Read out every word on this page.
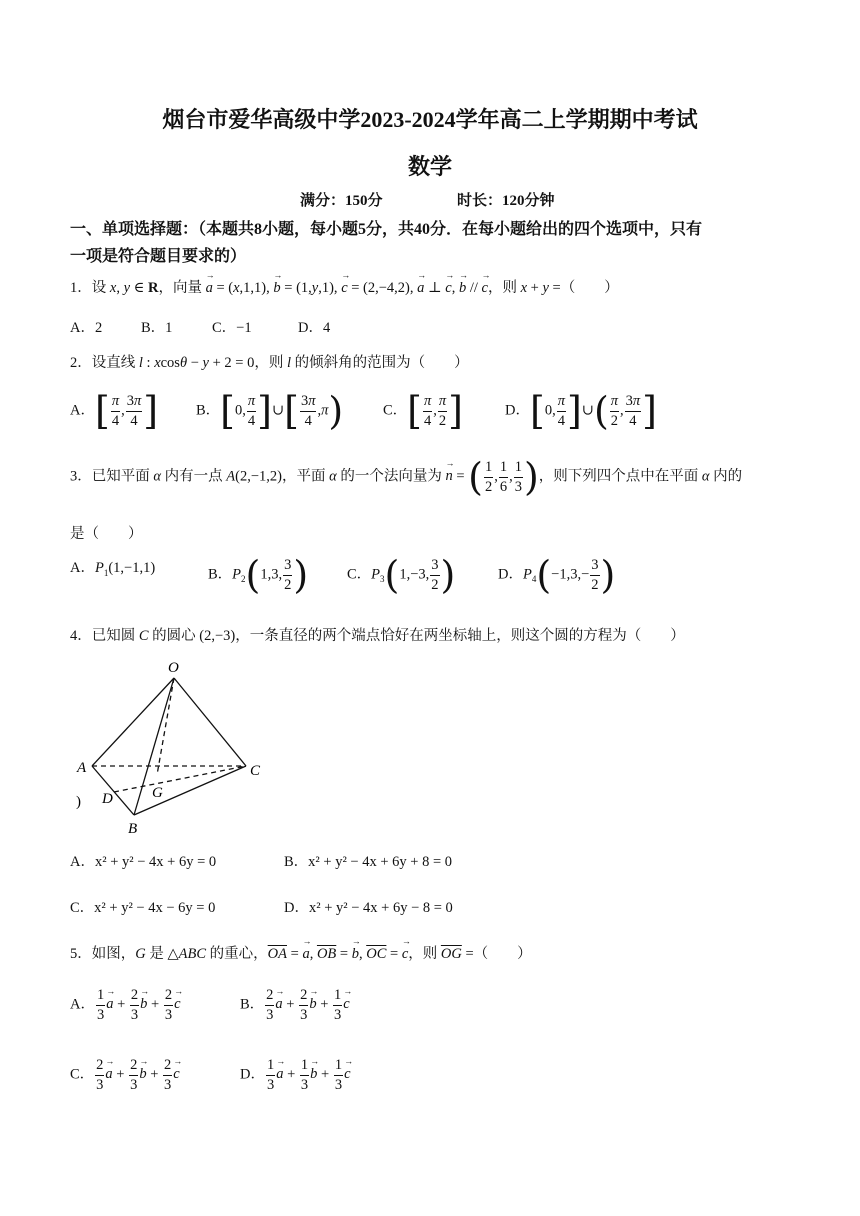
烟台市爱华高级中学2023-2024学年高二上学期期中考试
数学
满分：150分	时长：120分钟
一、单项选择题：（本题共8小题，每小题5分，共40分．在每小题给出的四个选项中，只有
一项是符合题目要求的）
1．设 x, y ∈ R，向量 → a = (x,1,1), → b = (1,y,1), → c = (2,−4,2), → a ⊥ → c, → b // → c，则 x + y =（　　）
A．2	B．1	C．−1	D．4
2．设直线 l : xcosθ − y + 2 = 0，则 l 的倾斜角的范围为（　　）
A．[ $\frac{\pi}{4}$ , $\frac{3\pi}{4}$ ]	B．[0, $\frac{\pi}{4}$ ]∪[ $\frac{3\pi}{4} ,\pi$)	C．[ $\frac{\pi}{4}$ , $\frac{\pi}{2}$ ]	D．[0, $\frac{\pi}{4}$ ]∪( $\frac{\pi}{2}$ , $\frac{3\pi}{4}$ ]
3．已知平面 α 内有一点 A(2,−1,2)，平面 α 的一个法向量为 → n = ( $\frac{1}{2}$ , $\frac{1}{6}$ , $\frac{1}{3}$ )，则下列四个点中在平面 α 内的
是（　　）
A．$P_1(1,-1,1)$	B．$P_2(1,3$, $\frac{3}{2}$ )	C．$P_3(1,-3$, $\frac{3}{2}$ )	D．$P_4(-1,3,- \frac{3}{2}$ )
4．已知圆 C 的圆心 (2,−3)，一条直径的两个端点恰好在两坐标轴上，则这个圆的方程为（　　）
O
A
B
C
D	G
)
A．x² + y² − 4x + 6y = 0	B．x² + y² − 4x + 6y + 8 = 0
C．x² + y² − 4x − 6y = 0	D．x² + y² − 4x + 6y − 8 = 0
5．如图，G 是 △ABC 的重心，$\overline{OA}$ = → a, $\overline{OB}$ = → b, $\overline{OC}$ = → c，则 $\overline{OG}$ =（　　）
A． $\frac{1}{3} \to a + \frac{2}{3} \to b + \frac{2}{3} \to c$	B． $\frac{2}{3} \to a + \frac{2}{3} \to b + \frac{1}{3} \to c$
C． $\frac{2}{3} \to a + \frac{2}{3} \to b + \frac{2}{3} \to c$	D． $\frac{1}{3} \to a + \frac{1}{3} \to b + \frac{1}{3} \to c$
